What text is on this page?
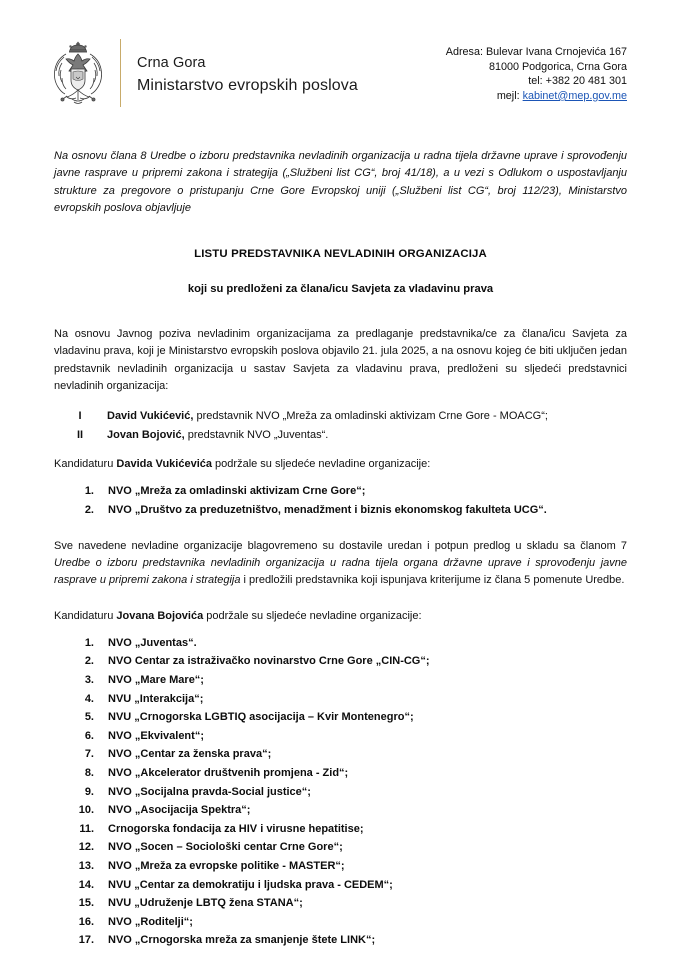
Crna Gora
Ministarstvo evropskih poslova
Adresa: Bulevar Ivana Crnojevića 167
81000 Podgorica, Crna Gora
tel: +382 20 481 301
mejl: kabinet@mep.gov.me

Na osnovu člana 8 Uredbe o izboru predstavnika nevladinih organizacija u radna tijela državne uprave i sprovođenju javne rasprave u pripremi zakona i strategija („Službeni list CG“, broj 41/18), a u vezi s Odlukom o uspostavljanju strukture za pregovore o pristupanju Crne Gore Evropskoj uniji („Službeni list CG“, broj 112/23), Ministarstvo evropskih poslova objavljuje

LISTU PREDSTAVNIKA NEVLADINIH ORGANIZACIJA
koji su predloženi za člana/icu Savjeta za vladavinu prava

Na osnovu Javnog poziva nevladinim organizacijama za predlaganje predstavnika/ce za člana/icu Savjeta za vladavinu prava, koji je Ministarstvo evropskih poslova objavilo 21. jula 2025, a na osnovu kojeg će biti uključen jedan predstavnik nevladinih organizacija u sastav Savjeta za vladavinu prava, predloženi su sljedeći predstavnici nevladinih organizacija:

I	David Vukićević, predstavnik NVO „Mreža za omladinski aktivizam Crne Gore - MOACG“;
II	Jovan Bojović, predstavnik NVO „Juventas“.

Kandidaturu Davida Vukićevića podržale su sljedeće nevladine organizacije:

1. NVO „Mreža za omladinski aktivizam Crne Gore“;
2. NVO „Društvo za preduzetništvo, menadžment i biznis ekonomskog fakulteta UCG“.

Sve navedene nevladine organizacije blagovremeno su dostavile uredan i potpun predlog u skladu sa članom 7 Uredbe o izboru predstavnika nevladinih organizacija u radna tijela organa državne uprave i sprovođenju javne rasprave u pripremi zakona i strategija i predložili predstavnika koji ispunjava kriterijume iz člana 5 pomenute Uredbe.

Kandidaturu Jovana Bojovića podržale su sljedeće nevladine organizacije:

1. NVO „Juventas“.
2. NVO Centar za istraživačko novinarstvo Crne Gore „CIN-CG“;
3. NVO „Mare Mare“;
4. NVU „Interakcija“;
5. NVU „Crnogorska LGBTIQ asocijacija – Kvir Montenegro“;
6. NVO „Ekvivalent“;
7. NVO „Centar za ženska prava“;
8. NVO „Akcelerator društvenih promjena - Zid“;
9. NVO „Socijalna pravda-Social justice“;
10. NVO „Asocijacija Spektra“;
11. Crnogorska fondacija za HIV i virusne hepatitise;
12. NVO „Socen – Sociološki centar Crne Gore“;
13. NVO „Mreža za evropske politike - MASTER“;
14. NVU „Centar za demokratiju i ljudska prava - CEDEM“;
15. NVU „Udruženje LBTQ žena STANA“;
16. NVO „Roditelji“;
17. NVO „Crnogorska mreža za smanjenje štete LINK“;
